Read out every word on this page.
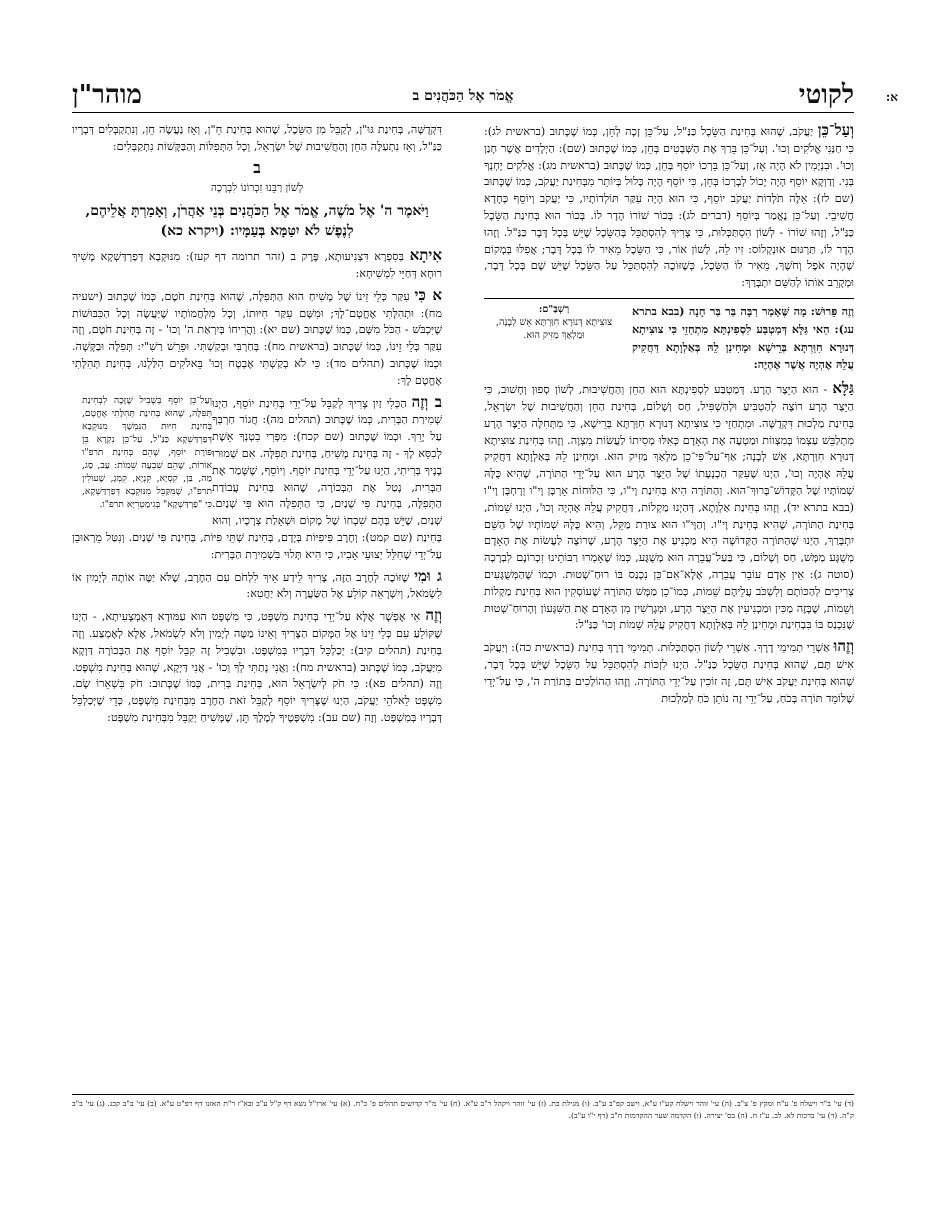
א:
לקוטי
אֱמֹר אֶל הַכֹּהֲנִים ב
מוהר"ן

וְעַל־כֵּן יַעֲקֹב, שֶׁהוּא בְּחִינַת הַשֵּׂכֶל כַּנַּ"ל, עַל־כֵּן זָכָה לְחֵן, כְּמוֹ שֶׁכָּתוּב (בראשית לג): כִּי חַנַּנִי אֱלֹקִים וְכוּ'. וְעַל־כֵּן בֵּרַךְ אֶת הַשְּׁבָטִים בְּחֵן, כְּמוֹ שֶׁכָּתוּב (שם): הַיְלָדִים אֲשֶׁר חָנַן וְכוּ'. וּבִנְיָמִין לֹא הָיָה אָז, וְעַל־כֵּן בֵּרְכוֹ יוֹסֵף בְּחֵן, כְּמוֹ שֶׁכָּתוּב (בראשית מג): אֱלֹקִים יָחְנְךָ בְּנִי. וְדַוְקָא יוֹסֵף הָיָה יָכוֹל לְבָרְכוֹ בְּחֵן, כִּי יוֹסֵף הָיָה כָּלוּל בְּיוֹתֵר מִבְּחִינַת יַעֲקֹב, כְּמוֹ שֶׁכָּתוּב (שם לז): אֵלֶּה תֹּלְדוֹת יַעֲקֹב יוֹסֵף, כִּי הוּא הָיָה עִקַּר תּוֹלְדוֹתָיו, כִּי יַעֲקֹב וְיוֹסֵף כְּחָדָא חֲשִׁיבֵי. וְעַל־כֵּן נֶאֱמַר בְּיוֹסֵף (דברים לג): בְּכוֹר שׁוֹרוֹ הָדָר לוֹ. בְּכוֹר הוּא בְּחִינַת הַשֵּׂכֶל כַּנַּ"ל, וְזֶהוּ שׁוֹרוֹ - לְשׁוֹן הִסְתַּכְּלוּת, כִּי צָרִיךְ לְהִסְתַּכֵּל בְּהַשֵּׂכֶל שֶׁיֵּשׁ בְּכָל דָּבָר כַּנַּ"ל. וְזֶהוּ הָדָר לוֹ, תַּרְגּוּם אוּנְקְלוֹס: זִיו לֵהּ, לְשׁוֹן אוֹר, כִּי הַשֵּׂכֶל מֵאִיר לוֹ בְּכָל דָּבָר; אֲפִלּוּ בְּמָקוֹם שֶׁהָיָה אֹפֶל וְחֹשֶׁךְ, מֵאִיר לוֹ הַשֵּׂכֶל, כְּשֶׁזּוֹכֶה לְהִסְתַּכֵּל עַל הַשֵּׂכֶל שֶׁיֵּשׁ שָׁם בְּכָל דָּבָר, וּמְקָרֵב אוֹתוֹ לְהַשֵּׁם יִתְבָּרַךְ:

וְזֶה פֵּרוּשׁ: מָה שֶּׁאָמַר רַבָּה בַּר בַּר חָנָה (בבא בתרא עג): הַאי גַּלָּא דְּמַטְבַּע לִסְפִינְתָּא מִתְחַזֵי כִּי צוּצִיתָא דְּנוּרָא חִוַּרְתָּא בְּרֵישָׁא וּמָחִינַן לֵהּ בְּאַלְוָתָא דַּחֲקִיק עֲלֵהּ אֶהְיֶה אֲשֶׁר אֶהְיֶה:
רַשְׁבַּ"ם:
צוּצִיתָא דְּנוּרָא חִוַּרְתָּא אֵשׁ לְבָנָה, וּמַלְאַךְ מַזִּיק הוּא.

גַּלָּא - הוּא הַיֵּצֶר הָרָע. דְּמַטְבַּע לִסְפִינְתָּא הוּא הַחֵן וְהַחֲשִׁיבוּת, לְשׁוֹן סְפוּן וְחָשׁוּב, כִּי הַיֵּצֶר הָרָע רוֹצֶה לְהַטְבִּיעַ וּלְהַשְׁפִּיל, חַס וְשָׁלוֹם, בְּחִינַת הַחֵן וְהַחֲשִׁיבוּת שֶׁל יִשְׂרָאֵל, בְּחִינַת מַלְכוּת דִּקְדֻשָּׁה. וּמִתְחַזֵי כִּי צוּצִיתָא דְּנוּרָא חִוַּרְתָּא בְּרֵישָׁא, כִּי מִתְּחִלָּה הַיֵּצֶר הָרָע מִתְלַבֵּשׁ עַצְמוֹ בְּמִצְווֹת וּמַטְעֶה אֶת הָאָדָם כְּאִלּוּ מְסִיתוֹ לַעֲשׂוֹת מִצְוָה. וְזֶהוּ בְּחִינַת צוּצִיתָא דְּנוּרָא חִוַּרְתָּא, אֵשׁ לְבָנָה; אַף־עַל־פִּי־כֵן מַלְאַךְ מַזִּיק הוּא. וּמָחִינַן לֵהּ בְּאַלְוָתָא דַּחֲקִיק עֲלֵהּ אֶהְיֶה וְכוּ', הַיְנוּ שֶׁעִקַּר הַכְנָעָתוֹ שֶׁל הַיֵּצֶר הָרָע הוּא עַל־יְדֵי הַתּוֹרָה, שֶׁהִיא כֻּלָּהּ שְׁמוֹתָיו שֶׁל הַקָּדוֹשׁ־בָּרוּךְ־הוּא. וְהַתּוֹרָה הִיא בְּחִינַת וָי"ו, כִּי הַלּוּחוֹת אָרְכָּן וָי"ו וְרָחְבָּן וָי"ו (בבא בתרא יד), וְזֶהוּ בְּחִינַת אַלְוָתָא, דְּהַיְנוּ מַקְלוֹת, דַּחֲקִיק עֲלֵהּ אֶהְיֶה וְכוּ', הַיְנוּ שֵׁמוֹת, בְּחִינַת הַתּוֹרָה, שֶׁהִיא בְּחִינַת וָי"ו. וְהַוָּי"ו הוּא צוּרַת מַקֵּל, וְהִיא כֻּלָּהּ שְׁמוֹתָיו שֶׁל הַשֵּׁם יִתְבָּרַךְ, הַיְנוּ שֶׁהַתּוֹרָה הַקְּדוֹשָׁה הִיא מַכְנִיעַ אֶת הַיֵּצֶר הָרָע, שֶׁרוֹצֶה לַעֲשׂוֹת אֶת הָאָדָם מְשֻׁגָּע מַמָּשׁ, חַס וְשָׁלוֹם, כִּי בַּעַל־עֲבֵרָה הוּא מְשֻׁגָּע, כְּמוֹ שֶׁאָמְרוּ רַבּוֹתֵינוּ זִכְרוֹנָם לִבְרָכָה (סוטה ג): אֵין אָדָם עוֹבֵר עֲבֵרָה, אֶלָּא־אִם־כֵּן נִכְנַס בּוֹ רוּחַ־שְׁטוּת. וּכְמוֹ שֶׁהַמְּשֻׁגָּעִים צְרִיכִים לְהַכּוֹתָם וְלִשְׁכֹּב עֲלֵיהֶם שֵׁמוֹת, כְּמוֹ־כֵן מַמָּשׁ הַתּוֹרָה שֶׁעוֹסְקִין הוּא בְּחִינַת מַקְלוֹת וְשֵׁמוֹת, שֶׁבָּזֶה מַכִּין וּמַכְנִיעִין אֶת הַיֵּצֶר הָרָע, וּמְגָרְשִׁין מִן הָאָדָם אֶת הַשִּׁגָּעוֹן וְהָרוּחַ־שְׁטוּת שֶׁנִּכְנַס בּוֹ בִּבְחִינַת וּמָחִינַן לֵהּ בְּאַלְוָתָא דַּחֲקִיק עֲלֵהּ שֵׁמוֹת וְכוּ' כַּנַּ"ל:

וְזֶהוּ אַשְׁרֵי תְמִימֵי דָרֶךְ. אַשְׁרֵי לְשׁוֹן הִסְתַּכְּלוּת. תְמִימֵי דָרֶךְ בְּחִינַת (בראשית כה): וְיַעֲקֹב אִישׁ תָּם, שֶׁהוּא בְּחִינַת הַשֵּׂכֶל כַּנַּ"ל. הַיְנוּ לִזְכּוֹת לְהִסְתַּכֵּל עַל הַשֵּׂכֶל שֶׁיֵּשׁ בְּכָל דָּבָר, שֶׁהוּא בְּחִינַת יַעֲקֹב אִישׁ תָּם, זֶה זוֹכִין עַל־יְדֵי הַתּוֹרָה. וְזֶהוּ הַהוֹלְכִים בְּתוֹרַת ה', כִּי עַל־יְדֵי שֶׁלּוֹמֵד תּוֹרָה בְּכֹחַ, עַל־יְדֵי זֶה נוֹתֵן כֹּחַ לְמַלְכוּת

דִּקְדֻשָּׁה, בְּחִינַת גּוּ"ן, לְקַבֵּל מִן הַשֵּׂכֶל, שֶׁהוּא בְּחִינַת חֵ"ן, וְאָז נַעֲשֶׂה חֵן, וְנִתְקַבְּלִים דְּבָרָיו כַּנַּ"ל, וְאָז נִתְעַלֶּה הַחֵן וְהַחֲשִׁיבוּת שֶׁל יִשְׂרָאֵל, וְכָל הַתְּפִלּוֹת וְהַבַּקָּשׁוֹת נִתְקַבְּלִים:

ב
לְשׁוֹן רַבֵּנוּ זִכְרוֹנוֹ לִבְרָכָה
וַיֹּאמֶר ה' אֶל מֹשֶׁה, אֱמֹר אֶל הַכֹּהֲנִים בְּנֵי אַהֲרֹן, וְאָמַרְתָּ אֲלֵיהֶם, לְנֶפֶשׁ לֹא יִטַּמָּא בְּעַמָּיו: (ויקרא כא)

אִיתָא בְּסִפְרָא דִּצְנִיעוּתָא, פֶּרֶק ב (זהר תרומה דף קעז): מִנּוּקְבָא דְּפַרְדַּשְׁקָא מָשִׁיךְ רוּחָא דְּחַיֵּי לִמְשִׁיחָא:

א כִּי עִקַּר כְּלֵי זֵינוֹ שֶׁל מָשִׁיחַ הוּא הַתְּפִלָּה, שֶׁהוּא בְּחִינַת חֹטֶם, כְּמוֹ שֶׁכָּתוּב (ישעיה מח): וּתְהִלָּתִי אֶחֱטָם־לָךְ; וּמִשָּׁם עִקַּר חִיּוּתוֹ, וְכָל מִלְחֲמוֹתָיו שֶׁיַּעֲשֶׂה וְכָל הַכִּבּוּשׁוֹת שֶׁיִּכְבֹּשׁ - הַכֹּל מִשָּׁם, כְּמוֹ שֶׁכָּתוּב (שם יא): וַהֲרִיחוֹ בְּיִרְאַת ה' וְכוּ' - זֶה בְּחִינַת חֹטֶם, וְזֶה עִקַּר כְּלֵי זֵינוֹ, כְּמוֹ שֶׁכָּתוּב (בראשית מח): בְּחַרְבִּי וּבְקַשְׁתִּי. וּפֵרֵשׁ רַשִׁ"י: תְּפִלָּה וּבַקָּשָׁה. וּכְמוֹ שֶׁכָּתוּב (תהלים מד): כִּי לֹא בְקַשְׁתִּי אֶבְטָח וְכוּ' בֵּאלֹקִים הִלַּלְנוּ, בְּחִינַת תְּהִלָּתִי אֶחֱטָם לָךְ:

וְעַל־כֵּן יוֹסֵף בְּשֶׁבִיל שֶׁזָּכָה לִבְחִינַת תְּפִלָּה, שֶׁהוּא בְּחִינַת תְּהִלָּתִי אֶחֱטָם, בְּחִינַת חִיּוּת הַנִּמְשָׁךְ מִנּוּקְבָא דְּפַרְדַּשְׁקָא כַּנַּ"ל, עַל־כֵּן נִקְרָא בֵּן פּוֹרָת יוֹסֵף, שֶׁהֵם בְּחִינַת תרפ"ו אוֹרוֹת, שֶׁהֵם שִׁבְעָה שֵׁמוֹת: עַב, סַג, מַה, בַּן, קִסְיָא, קִנְיָא, קִמְגָ, שֶׁעוֹלִין תרפ"ו, שֶׁמִּקַּבֵּל מִנּוּקְבָא דְּפַרְדַּשְׁקָא, כִּי "פַרְדַּשְׁקָא" בְּגִימַטְרִיָּא תרפ"ו.
ב וְזֶה הַכְּלִי זַיִן צָרִיךְ לְקַבֵּל עַל־יְדֵי בְּחִינַת יוֹסֵף, הַיְנוּ שְׁמִירַת הַבְּרִית, כְּמוֹ שֶׁכָּתוּב (תהלים מה): חֲגוֹר חַרְבְּךָ עַל יָרֵךְ. וּכְמוֹ שֶׁכָּתוּב (שם קכח): מִפְּרִי בִטְנְךָ אֵשֶׁת לְכִסֵּא לָךְ - זֶה בְּחִינַת מָשִׁיחַ, בְּחִינַת תְּפִלָּה. אִם שְׁמוּרוּ בָנֶיךָ בְּרִיתִי, הַיְנוּ עַל־יְדֵי בְּחִינַת יוֹסֵף. וְיוֹסֵף, שֶׁשָּׁמַר אֶת הַבְּרִית, נָטַל אֶת הַבְּכוֹרָה, שֶׁהוּא בְּחִינַת עֲבוֹדַת הַתְּפִלָּה, בְּחִינַת פִּי שְׁנַיִם, כִּי הַתְּפִלָּה הוּא פִּי שְׁנַיִם. שְׁנַיִם, שֶׁיֵּשׁ בָּהֶם שִׁבְחוֹ שֶׁל מָקוֹם וּשְׁאֵלַת צְרָכָיו, וְהוּא בְּחִינַת (שם קמט): וְחֶרֶב פִּיפִיּוֹת בְּיָדָם, בְּחִינַת שְׁתֵּי פִּיּוֹת, בְּחִינַת פִּי שְׁנַיִם. וְנִטַּל מֵרְאוּבֵן עַל־יְדֵי שֶׁחִלֵּל יְצוּעֵי אָבִיו, כִּי הִיא תָּלוּי בִּשְׁמִירַת הַבְּרִית:

ג וּמִי שֶׁזּוֹכֶה לְחֶרֶב הַזֶּה, צָרִיךְ לֵידַע אֵיךְ לִלְחֹם עִם הַחֶרֶב, שֶׁלֹּא יַטֶּה אוֹתָהּ לְיָמִין אוֹ לִשְׂמֹאל, וְיִשְׁרָאֵה קוֹלֵעַ אֶל הַשַּׂעֲרָה וְלֹא יַחֲטִא:

וְזֶה אִי אֶפְשָׁר אֶלָּא עַל־יְדֵי בְּחִינַת מִשְׁפָּט, כִּי מִשְׁפָּט הוּא עַמּוּדָא דְּאֶמְצָעִיתָא, - הַיְנוּ שֶׁקּוֹלֵעַ עִם כְּלֵי זֵינוֹ אֶל הַמָּקוֹם הַצָּרִיךְ וְאֵינוֹ מַטֶּה לְיָמִין וְלֹא לִשְׂמֹאל, אֶלָּא לְאֶמְצַע. וְזֶה בְּחִינַת (תהלים קיב): יְכַלְכֵּל דְּבָרָיו בְּמִשְׁפָּט. וּבִשְׁבִיל זֶה קִבֵּל יוֹסֵף אֶת הַבְּכוֹרָה דַּוְקָא מִיַּעֲקֹב, כְּמוֹ שֶׁכָּתוּב (בראשית מח): וַאֲנִי נָתַתִּי לְךָ וְכוּ' - אֲנִי דַּיְקָא, שֶׁהוּא בְּחִינַת מִשְׁפָּט. וְזֶה (תהלים פא): כִּי חֹק לְיִשְׂרָאֵל הוּא, בְּחִינַת בְּרִית, כְּמוֹ שֶׁכָּתוּב: חֹק בִּשְׁאֵרוֹ שָׂם. מִשְׁפָּט לֵאלֹהֵי יַעֲקֹב, הַיְנוּ שֶׁצָּרִיךְ יוֹסֵף לְקַבֵּל זֹאת הַחֶרֶב מִבְּחִינַת מִשְׁפָּט, כְּדֵי שֶׁיְּכַלְכֵּל דְּבָרָיו בְּמִשְׁפָּט. וְזֶה (שם עב): מִשְׁפָּטֶיךָ לְמֶלֶךְ תֵּן, שֶׁמָּשִׁיחַ יְקַבֵּל מִבְּחִינַת מִשְׁפָּט:

(ד) עי' ב"ר וישלח פ' ע"ח ומקץ פ' צ"ב. (ה) עי' זוהר וישלח קע"ו ע"א, וישב קפ"ב ע"ב. (ו) מגילת בת. (ז) עי' זוהר ויקהל ר"ב ע"א. (ח) עי' מ"ר קדושים תהלים פ' כ"ח. (א) עי' ארז"ל נשא דף ק"ל ע"ב ובא"ז ר"ת האזנו דף רפ"ט ע"א. (ב) עי' ב"ב קכג. (ג) עי' ב"ב ק"ה. (ד) עי' ברכות לא. לב. ע"ז ח. (ה) בס' יצירה. (ו) הקדמה שער ההקדמות ח"ב (דף י"ו ע"ב).
